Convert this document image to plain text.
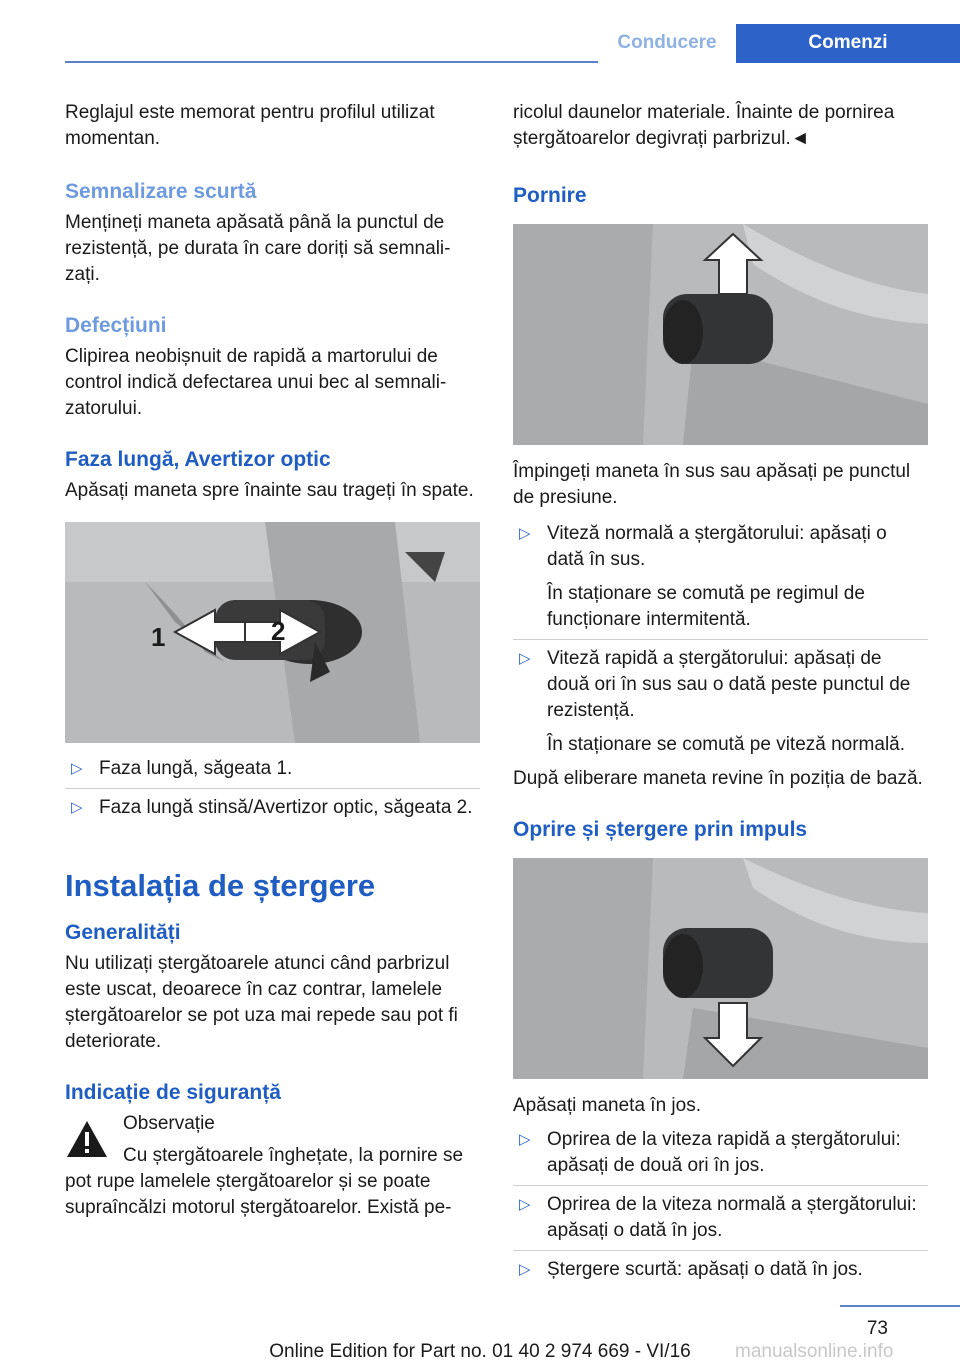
Conducere	Comenzi

Reglajul este memorat pentru profilul utilizat momentan.

Semnalizare scurtă

Mențineți maneta apăsată până la punctul de rezistență, pe durata în care doriți să semnali‐zați.

Defecțiuni

Clipirea neobișnuit de rapidă a martorului de control indică defectarea unui bec al semnali‐zatorului.

Faza lungă, Avertizor optic

Apăsați maneta spre înainte sau trageți în spate.

1	2
▷ Faza lungă, săgeata 1.
▷ Faza lungă stinsă/Avertizor optic, săgeata 2.
Instalația de ștergere
Generalități

Nu utilizați ștergătoarele atunci când parbrizul este uscat, deoarece în caz contrar, lamelele ștergătoarelor se pot uza mai repede sau pot fi deteriorate.

Indicație de siguranță

Observație

Cu ștergătoarele înghețate, la pornire se pot rupe lamelele ștergătoarelor și se poate supraîncălzi motorul ștergătoarelor. Există pe-

ricolul daunelor materiale. Înainte de pornirea ștergătoarelor degivrați parbrizul.◄

Pornire

Împingeți maneta în sus sau apăsați pe punctul de presiune.

▷ Viteză normală a ștergătorului: apăsați o dată în sus.

În staționare se comută pe regimul de funcționare intermitentă.

▷ Viteză rapidă a ștergătorului: apăsați de două ori în sus sau o dată peste punctul de rezistență.

În staționare se comută pe viteză normală.

După eliberare maneta revine în poziția de bază.

Oprire și ștergere prin impuls

Apăsați maneta în jos.

▷ Oprirea de la viteza rapidă a ștergătorului: apăsați de două ori în jos.
▷ Oprirea de la viteza normală a ștergătorului: apăsați o dată în jos.
▷ Ștergere scurtă: apăsați o dată în jos.
73
Online Edition for Part no. 01 40 2 974 669 - VI/16	manualsonline.info
